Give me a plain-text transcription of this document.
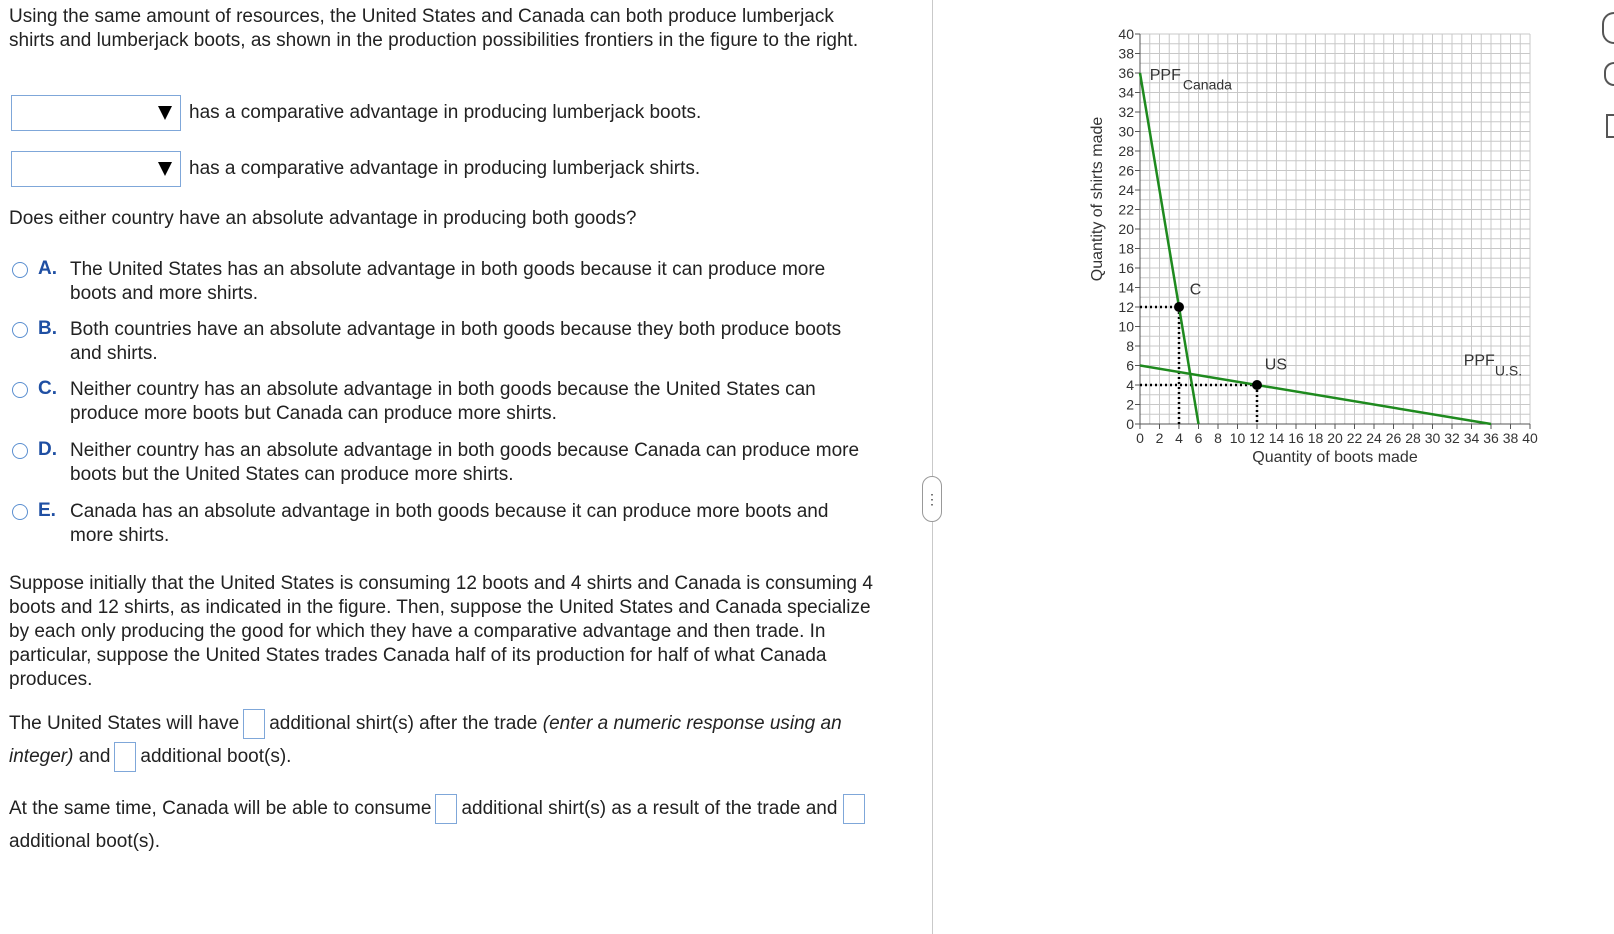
Using the same amount of resources, the United States and Canada can both produce lumberjack shirts and lumberjack boots, as shown in the production possibilities frontiers in the figure to the right.

has a comparative advantage in producing lumberjack boots.
has a comparative advantage in producing lumberjack shirts.

Does either country have an absolute advantage in producing both goods?

A. The United States has an absolute advantage in both goods because it can produce more boots and more shirts.
B. Both countries have an absolute advantage in both goods because they both produce boots and shirts.
C. Neither country has an absolute advantage in both goods because the United States can produce more boots but Canada can produce more shirts.
D. Neither country has an absolute advantage in both goods because Canada can produce more boots but the United States can produce more shirts.
E. Canada has an absolute advantage in both goods because it can produce more boots and more shirts.

Suppose initially that the United States is consuming 12 boots and 4 shirts and Canada is consuming 4 boots and 12 shirts, as indicated in the figure. Then, suppose the United States and Canada specialize by each only producing the good for which they have a comparative advantage and then trade. In particular, suppose the United States trades Canada half of its production for half of what Canada produces.

The United States will have additional shirt(s) after the trade (enter a numeric response using an integer) and additional boot(s).

At the same time, Canada will be able to consume additional shirt(s) as a result of the trade and additional boot(s).

⋮
0
2
4
6
8
10
12
14
16
18
20
22
24
26
28
30
32
34
36
38
40
0 2 4 6 8 10 12 14 16 18 20 22 24 26 28 30 32 34 36 38 40
Quantity of boots made
Quantity of shirts made
PPF
Canada
PPF
U.S.
C
US
